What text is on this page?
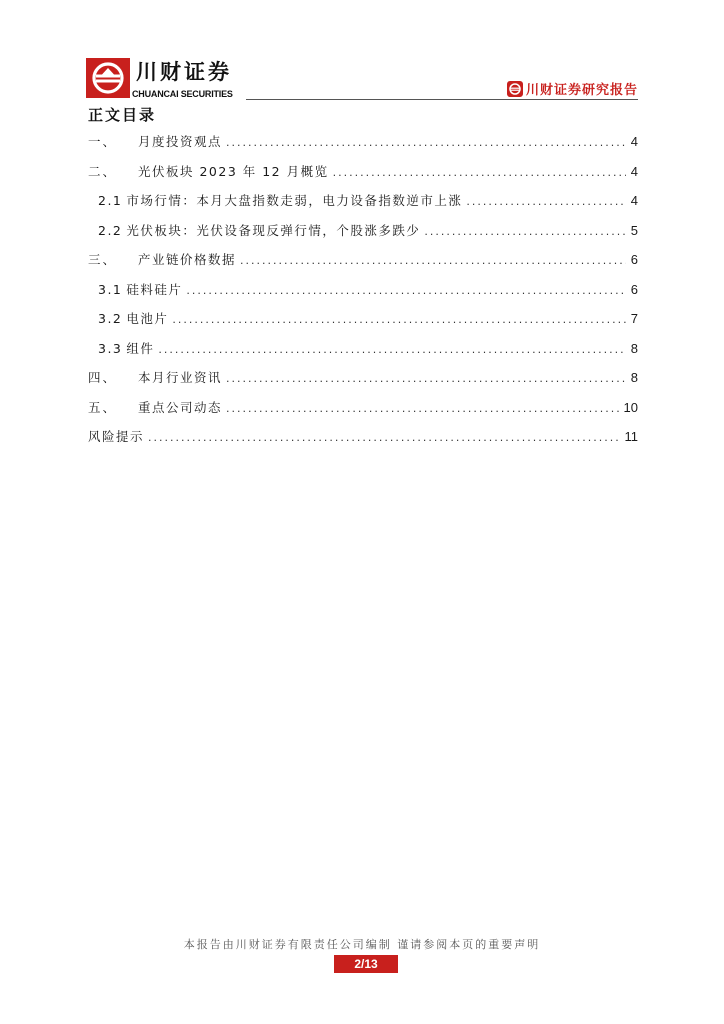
川财证券
CHUANCAI SECURITIES	川财证券研究报告
正文目录
一、	月度投资观点 .....	4
二、	光伏板块 2023 年 12 月概览 .....	4
2.1 市场行情：本月大盘指数走弱，电力设备指数逆市上涨 .....	4
2.2 光伏板块：光伏设备现反弹行情，个股涨多跌少 .....	5
三、	产业链价格数据 .....	6
3.1 硅料硅片 .....	6
3.2 电池片 .....	7
3.3 组件 .....	8
四、	本月行业资讯 .....	8
五、	重点公司动态 .....	10
风险提示 .....	11
本报告由川财证券有限责任公司编制 谨请参阅本页的重要声明
2/13
